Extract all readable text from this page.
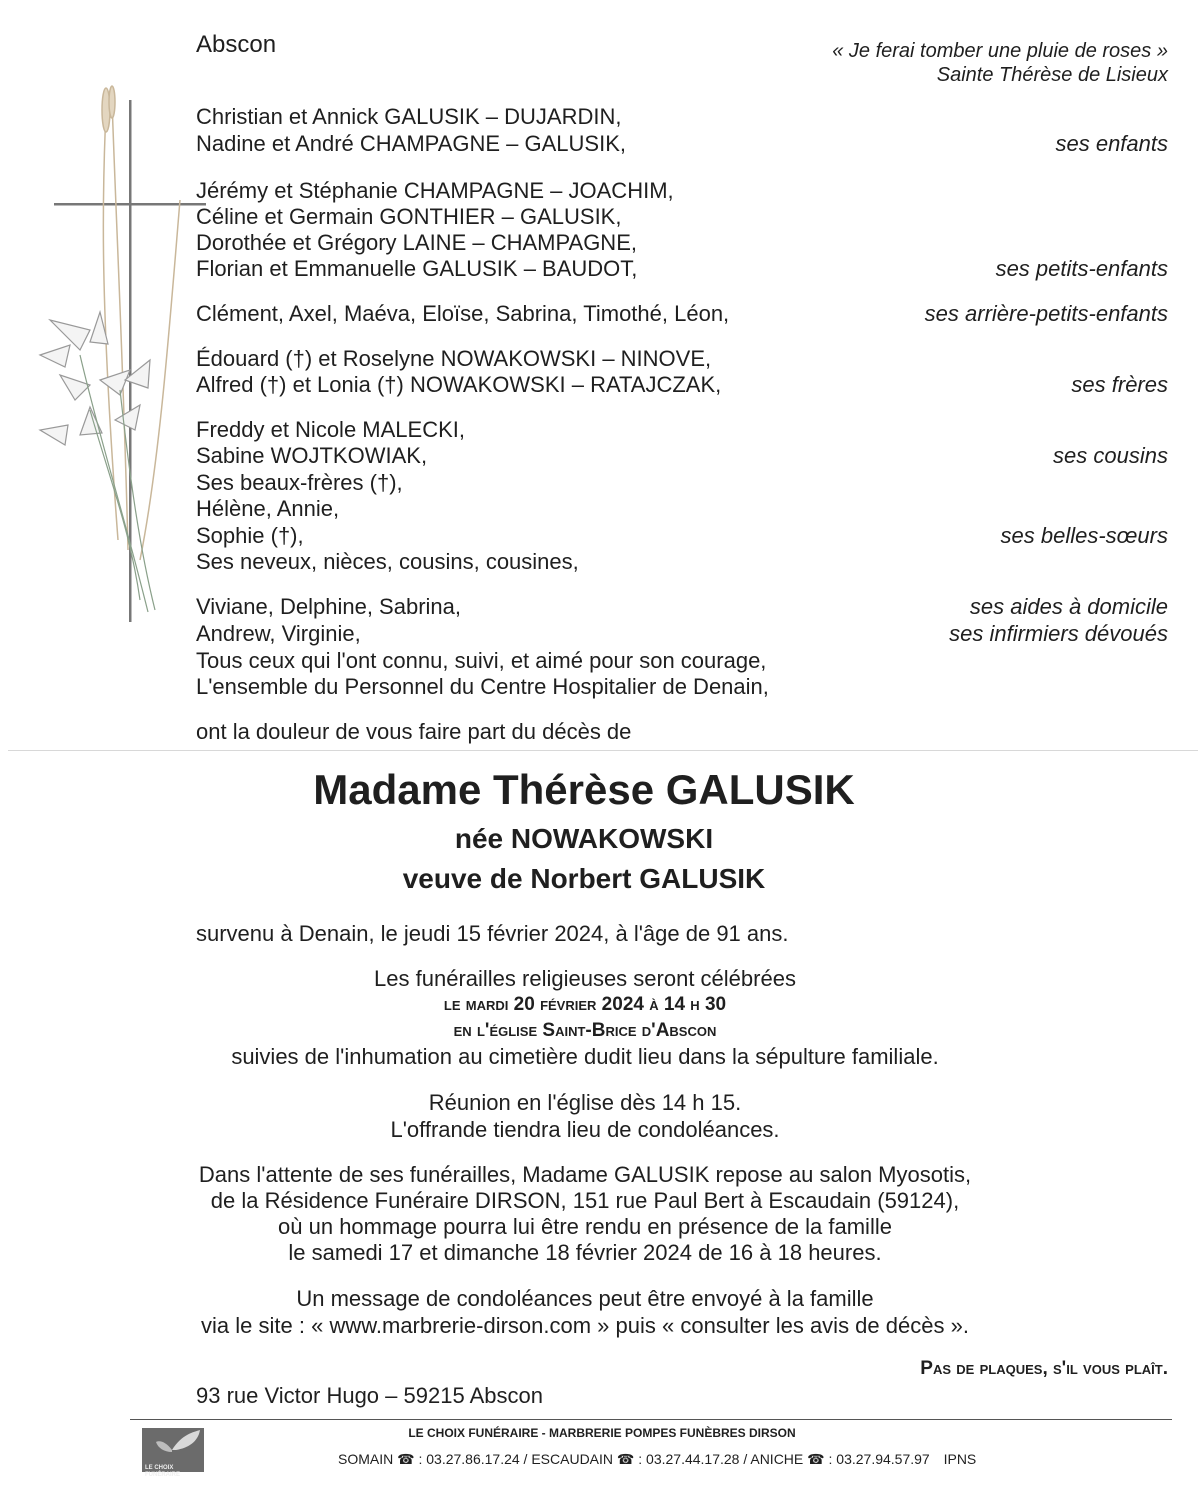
Abscon	« Je ferai tomber une pluie de roses »
Sainte Thérèse de Lisieux
Christian et Annick GALUSIK – DUJARDIN,
Nadine et André CHAMPAGNE – GALUSIK,	ses enfants
Jérémy et Stéphanie CHAMPAGNE – JOACHIM,
Céline et Germain GONTHIER – GALUSIK,
Dorothée et Grégory LAINE – CHAMPAGNE,
Florian et Emmanuelle GALUSIK – BAUDOT,	ses petits-enfants
Clément, Axel, Maéva, Eloïse, Sabrina, Timothé, Léon,	ses arrière-petits-enfants
Édouard (†) et Roselyne NOWAKOWSKI – NINOVE,
Alfred (†) et Lonia (†) NOWAKOWSKI – RATAJCZAK,	ses frères
Freddy et Nicole MALECKI,
Sabine WOJTKOWIAK,	ses cousins
Ses beaux-frères (†),
Hélène, Annie,
Sophie (†),	ses belles-sœurs
Ses neveux, nièces, cousins, cousines,
Viviane, Delphine, Sabrina,	ses aides à domicile
Andrew, Virginie,	ses infirmiers dévoués
Tous ceux qui l'ont connu, suivi, et aimé pour son courage,
L'ensemble du Personnel du Centre Hospitalier de Denain,
ont la douleur de vous faire part du décès de
Madame Thérèse GALUSIK
née NOWAKOWSKI
veuve de Norbert GALUSIK
survenu à Denain, le jeudi 15 février 2024, à l'âge de 91 ans.
Les funérailles religieuses seront célébrées
le mardi 20 février 2024 à 14 h 30
en l'église Saint-Brice d'Abscon
suivies de l'inhumation au cimetière dudit lieu dans la sépulture familiale.
Réunion en l'église dès 14 h 15.
L'offrande tiendra lieu de condoléances.
Dans l'attente de ses funérailles, Madame GALUSIK repose au salon Myosotis,
de la Résidence Funéraire DIRSON, 151 rue Paul Bert à Escaudain (59124),
où un hommage pourra lui être rendu en présence de la famille
le samedi 17 et dimanche 18 février 2024 de 16 à 18 heures.
Un message de condoléances peut être envoyé à la famille
via le site : « www.marbrerie-dirson.com » puis « consulter les avis de décès ».
Pas de plaques, s'il vous plaît.
93 rue Victor Hugo – 59215 Abscon
LE CHOIX FUNÉRAIRE
LE CHOIX FUNÉRAIRE - MARBRERIE POMPES FUNÈBRES DIRSON
SOMAIN ☎ : 03.27.86.17.24 / ESCAUDAIN ☎ : 03.27.44.17.28 / ANICHE ☎ : 03.27.94.57.97 IPNS
